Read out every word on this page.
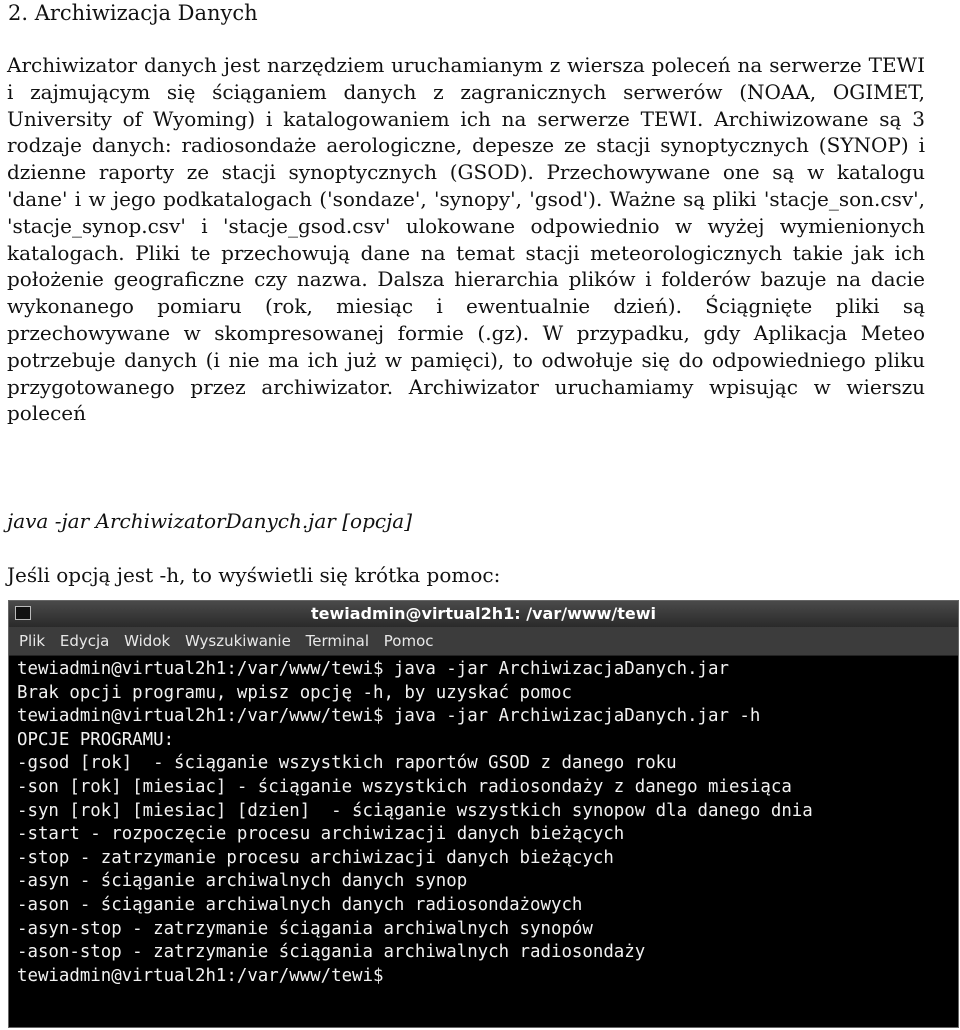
2. Archiwizacja Danych
Archiwizator danych jest narzędziem uruchamianym z wiersza poleceń na serwerze TEWI i zajmującym się ściąganiem danych z zagranicznych serwerów (NOAA, OGIMET, University of Wyoming) i katalogowaniem ich na serwerze TEWI. Archiwizowane są 3 rodzaje danych: radiosondaże aerologiczne, depesze ze stacji synoptycznych (SYNOP) i dzienne raporty ze stacji synoptycznych (GSOD). Przechowywane one są w katalogu 'dane' i w jego podkatalogach ('sondaze', 'synopy', 'gsod'). Ważne są pliki 'stacje_son.csv', 'stacje_synop.csv' i 'stacje_gsod.csv' ulokowane odpowiednio w wyżej wymienionych katalogach. Pliki te przechowują dane na temat stacji meteorologicznych takie jak ich położenie geograficzne czy nazwa. Dalsza hierarchia plików i folderów bazuje na dacie wykonanego pomiaru (rok, miesiąc i ewentualnie dzień). Ściągnięte pliki są przechowywane w skompresowanej formie (.gz). W przypadku, gdy Aplikacja Meteo potrzebuje danych (i nie ma ich już w pamięci), to odwołuje się do odpowiedniego pliku przygotowanego przez archiwizator. Archiwizator uruchamiamy wpisując w wierszu poleceń
java -jar ArchiwizatorDanych.jar [opcja]
Jeśli opcją jest -h, to wyświetli się krótka pomoc:
tewiadmin@virtual2h1: /var/www/tewi
Plik Edycja Widok Wyszukiwanie Terminal Pomoc
tewiadmin@virtual2h1:/var/www/tewi$ java -jar ArchiwizacjaDanych.jar
Brak opcji programu, wpisz opcję -h, by uzyskać pomoc
tewiadmin@virtual2h1:/var/www/tewi$ java -jar ArchiwizacjaDanych.jar -h
OPCJE PROGRAMU:
-gsod [rok]  - ściąganie wszystkich raportów GSOD z danego roku
-son [rok] [miesiac] - ściąganie wszystkich radiosondaży z danego miesiąca
-syn [rok] [miesiac] [dzien]  - ściąganie wszystkich synopow dla danego dnia
-start - rozpoczęcie procesu archiwizacji danych bieżących
-stop - zatrzymanie procesu archiwizacji danych bieżących
-asyn - ściąganie archiwalnych danych synop
-ason - ściąganie archiwalnych danych radiosondażowych
-asyn-stop - zatrzymanie ściągania archiwalnych synopów
-ason-stop - zatrzymanie ściągania archiwalnych radiosondaży
tewiadmin@virtual2h1:/var/www/tewi$
